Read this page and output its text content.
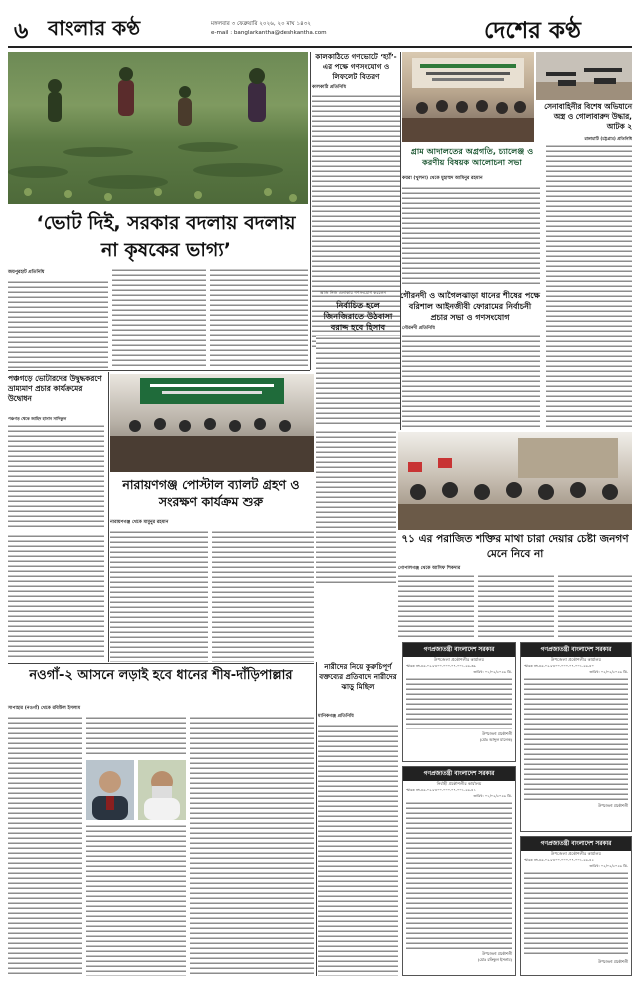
৬ বাংলার কণ্ঠ	মঙ্গলবার ৩ ফেব্রুয়ারি ২০২৬, ২০ মাঘ ১৪৩২
e-mail : banglarkantha@deshkantha.com	দেশের কণ্ঠ
কালকাঠিতে গণভোটে ‘হ্যাঁ’-এর পক্ষে গণসংযোগ ও লিফলেট বিতরণ
কালকাঠি প্রতিনিধি
‘ভোট দিই, সরকার বদলায় বদলায় না কৃষকের ভাগ্য’
জয়পুরহাট প্রতিনিধি
আজ নিজ এলাকায় গণসংযোগ করলেন
নির্বাচিত হলে জিনজিরাতে উঠবাসা বরাদ্দ হবে হিসাব
গ্রাম আদালতের অগ্রগতি, চ্যালেঞ্জ ও করণীয় বিষয়ক আলোচনা সভা
কয়রা (খুলনা) থেকে মুহাম্মদ আমিনুর রহমান
সেনাবাহিনীর বিশেষ অভিযানে অস্ত্র ও গোলাবারুদ উদ্ধার, আটক ২
রাঙ্গামাটি (চট্টগ্রাম) প্রতিনিধি
গৌরনদী ও আগৈলঝাড়া ধানের শীষের পক্ষে বরিশাল আইনজীবী ফোরামের নির্বাচনী প্রচার সভা ও গণসংযোগ
গৌরনদী প্রতিনিধি
পঞ্চগড়ে ভোটারদের উদ্বুদ্ধকরণে ভ্রাম্যমাণ প্রচার কার্যক্রমের উদ্বোধন
পঞ্চগড় থেকে জাহিদ হাসান সাদিকুল
নারায়ণগঞ্জ পোস্টাল ব্যালট গ্রহণ ও সংরক্ষণ কার্যক্রম শুরু
৭১ এর পরাজিত শক্তির মাথা চারা দেয়ার চেষ্টা জনগণ মেনে নিবে না
গোপালগঞ্জ থেকে আসিফ শিকদার
নারায়ণগঞ্জ থেকে মামুনুর রহমান
নওগাঁ-২ আসনে লড়াই হবে ধানের শীষ-দাঁড়িপাল্লার
সাপাহার (নওগাঁ) থেকে রবিউল ইসলাম
নারীদের নিয়ে কুরুচিপূর্ণ বক্তব্যের প্রতিবাদে নারীদের ঝাড়ু মিছিল
মানিকগঞ্জ প্রতিনিধি
গণপ্রজাতন্ত্রী বাংলাদেশ সরকার
উপজেলা প্রকৌশলীর কার্যালয়
স্মারক নং-৪৬.০২.৮৪০০.০০০.০৭.০০১.২৬-৩৯
তারিখ: ০১/০২/২০২৬ খ্রি.
উপজেলা প্রকৌশলী
(মোঃ আব্দুল মালেক)
গণপ্রজাতন্ত্রী বাংলাদেশ সরকার
উপজেলা প্রকৌশলীর কার্যালয়
স্মারক নং-৪৬.০২.৮৪০০.০০০.০৭.০০১.২৬-৪০
তারিখ: ০২/০২/২০২৬ খ্রি.
উপজেলা প্রকৌশলী
গণপ্রজাতন্ত্রী বাংলাদেশ সরকার
নির্বাহী প্রকৌশলীর কার্যালয়
স্মারক নং-৪৬.০২.৮৪০০.০০০.০৭.০০১.২৬-৪১
তারিখ: ০১/০২/২০২৬ খ্রি.
উপজেলা প্রকৌশলী
(মোঃ রফিকুল ইসলাম)
গণপ্রজাতন্ত্রী বাংলাদেশ সরকার
উপজেলা প্রকৌশলীর কার্যালয়
স্মারক নং-৪৬.০২.৮৪০০.০০০.০৭.০০১.২৬-৪২
তারিখ: ০২/০২/২০২৬ খ্রি.
উপজেলা প্রকৌশলী
